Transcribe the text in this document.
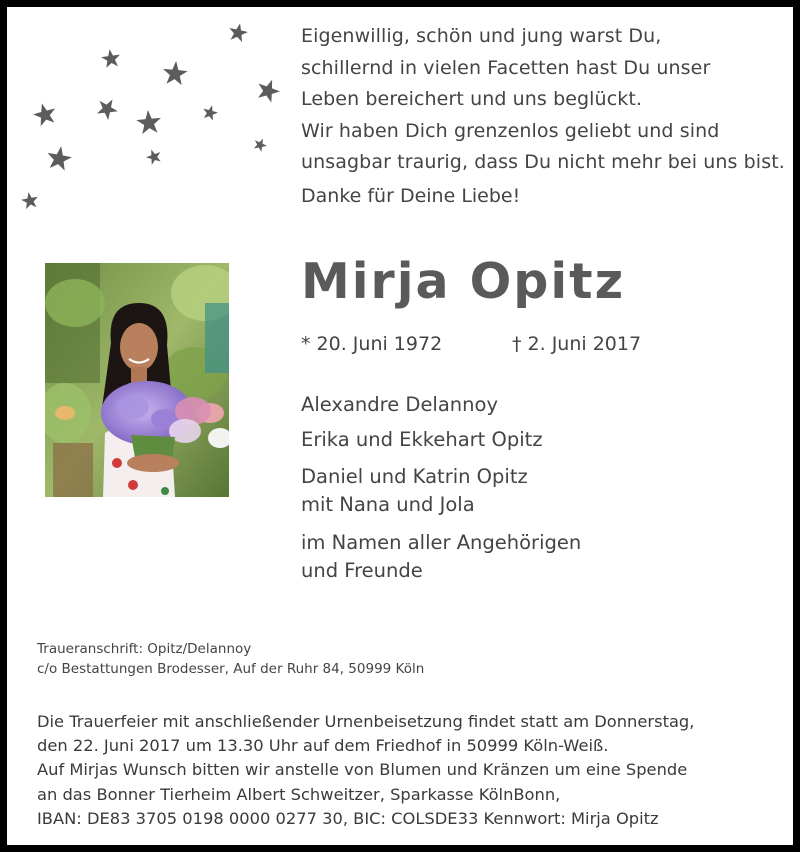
Eigenwillig, schön und jung warst Du,
schillernd in vielen Facetten hast Du unser
Leben bereichert und uns beglückt.
Wir haben Dich grenzenlos geliebt und sind
unsagbar traurig, dass Du nicht mehr bei uns bist.
Danke für Deine Liebe!
Mirja Opitz
* 20. Juni 1972	† 2. Juni 2017
Alexandre Delannoy
Erika und Ekkehart Opitz
Daniel und Katrin Opitz
mit Nana und Jola
im Namen aller Angehörigen
und Freunde
Traueranschrift: Opitz/Delannoy
c/o Bestattungen Brodesser, Auf der Ruhr 84, 50999 Köln
Die Trauerfeier mit anschließender Urnenbeisetzung findet statt am Donnerstag,
den 22. Juni 2017 um 13.30 Uhr auf dem Friedhof in 50999 Köln-Weiß.
Auf Mirjas Wunsch bitten wir anstelle von Blumen und Kränzen um eine Spende
an das Bonner Tierheim Albert Schweitzer, Sparkasse KölnBonn,
IBAN: DE83 3705 0198 0000 0277 30, BIC: COLSDE33 Kennwort: Mirja Opitz
